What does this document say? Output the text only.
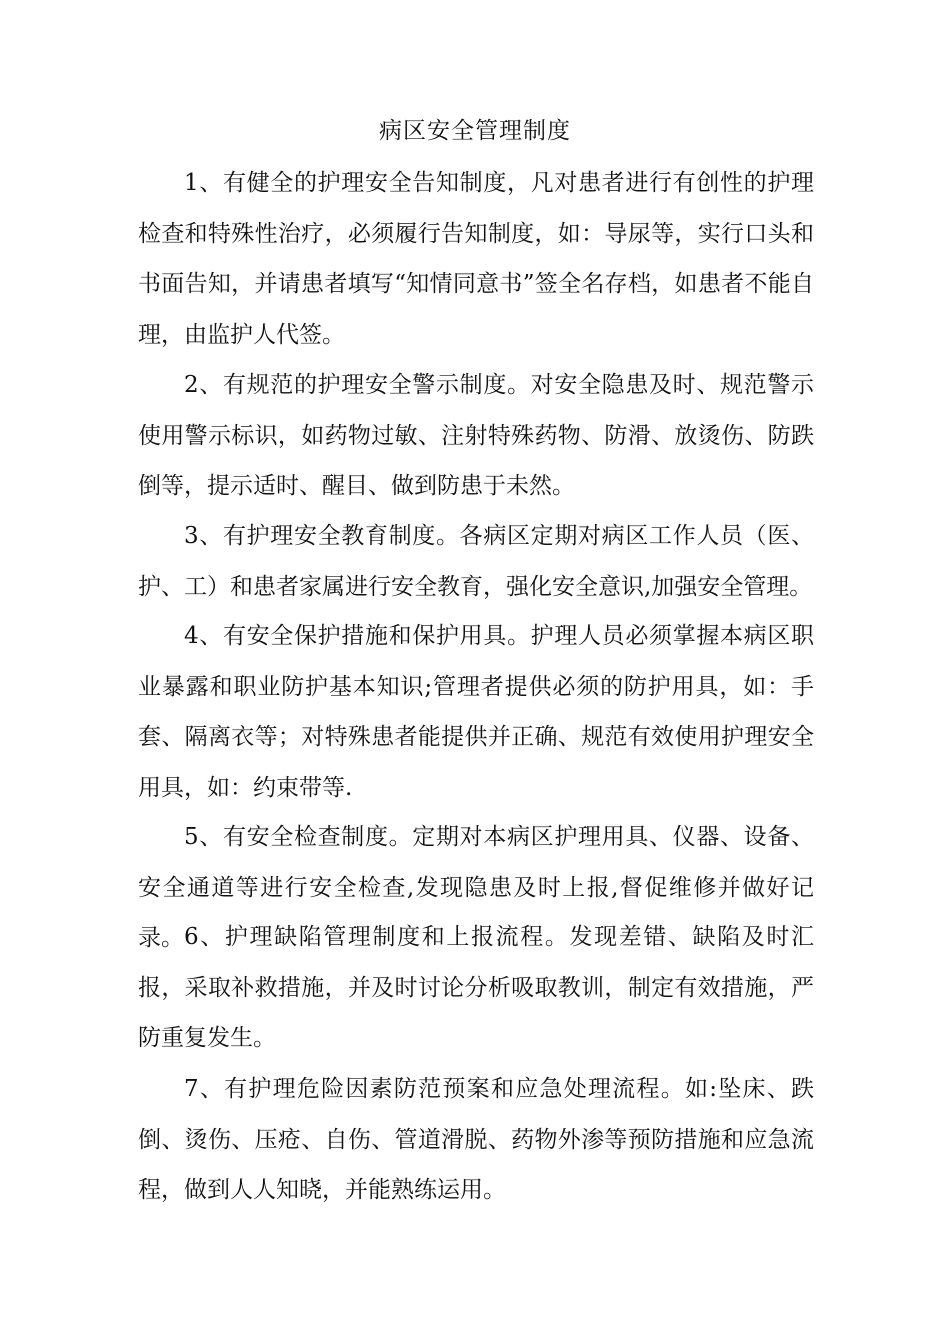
病区安全管理制度

1、有健全的护理安全告知制度，凡对患者进行有创性的护理检查和特殊性治疗，必须履行告知制度，如：导尿等，实行口头和书面告知，并请患者填写“知情同意书”签全名存档，如患者不能自理，由监护人代签。

2、有规范的护理安全警示制度。对安全隐患及时、规范警示使用警示标识，如药物过敏、注射特殊药物、防滑、放烫伤、防跌倒等，提示适时、醒目、做到防患于未然。

3、有护理安全教育制度。各病区定期对病区工作人员（医、护、工）和患者家属进行安全教育，强化安全意识,加强安全管理。

4、有安全保护措施和保护用具。护理人员必须掌握本病区职业暴露和职业防护基本知识;管理者提供必须的防护用具，如：手套、隔离衣等；对特殊患者能提供并正确、规范有效使用护理安全用具，如：约束带等.

5、有安全检查制度。定期对本病区护理用具、仪器、设备、安全通道等进行安全检查,发现隐患及时上报,督促维修并做好记录。 6、护理缺陷管理制度和上报流程。发现差错、缺陷及时汇报，采取补救措施，并及时讨论分析吸取教训，制定有效措施，严防重复发生。

7、有护理危险因素防范预案和应急处理流程。如:坠床、跌倒、烫伤、压疮、自伤、管道滑脱、药物外渗等预防措施和应急流程，做到人人知晓，并能熟练运用。
